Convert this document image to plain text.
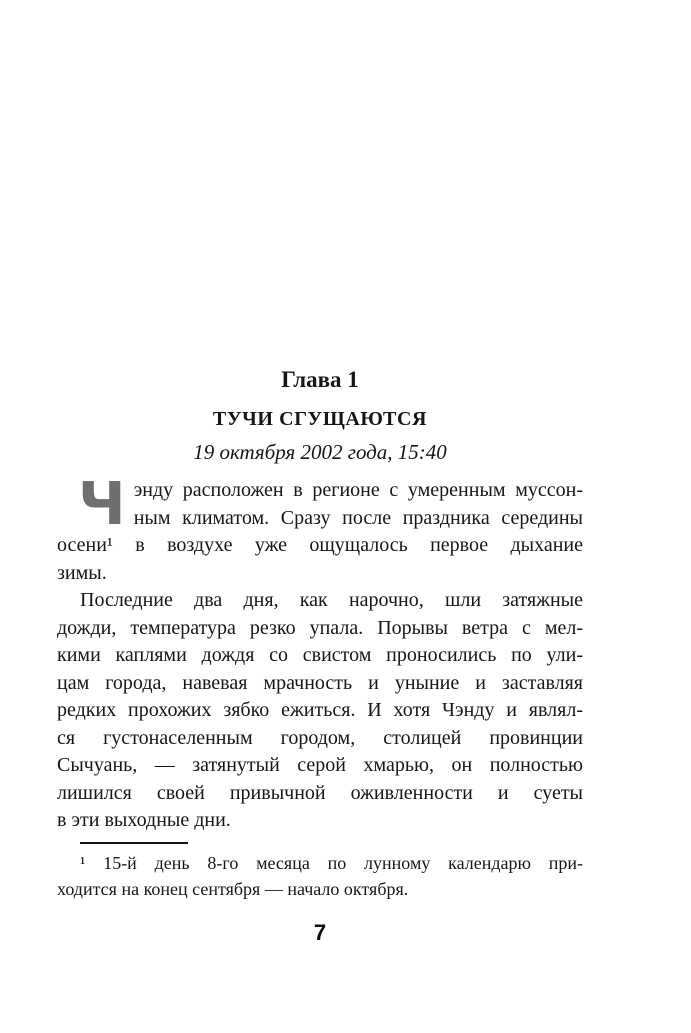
Глава 1
ТУЧИ СГУЩАЮТСЯ
19 октября 2002 года, 15:40
Ч энду расположен в регионе с умеренным муссон-
ным климатом. Сразу после праздника середины
осени¹ в воздухе уже ощущалось первое дыхание
зимы.
Последние два дня, как нарочно, шли затяжные
дожди, температура резко упала. Порывы ветра с мел-
кими каплями дождя со свистом проносились по ули-
цам города, навевая мрачность и уныние и заставляя
редких прохожих зябко ежиться. И хотя Чэнду и являл-
ся густонаселенным городом, столицей провинции
Сычуань, — затянутый серой хмарью, он полностью
лишился своей привычной оживленности и суеты
в эти выходные дни.
¹ 15-й день 8-го месяца по лунному календарю при-
ходится на конец сентября — начало октября.
7
